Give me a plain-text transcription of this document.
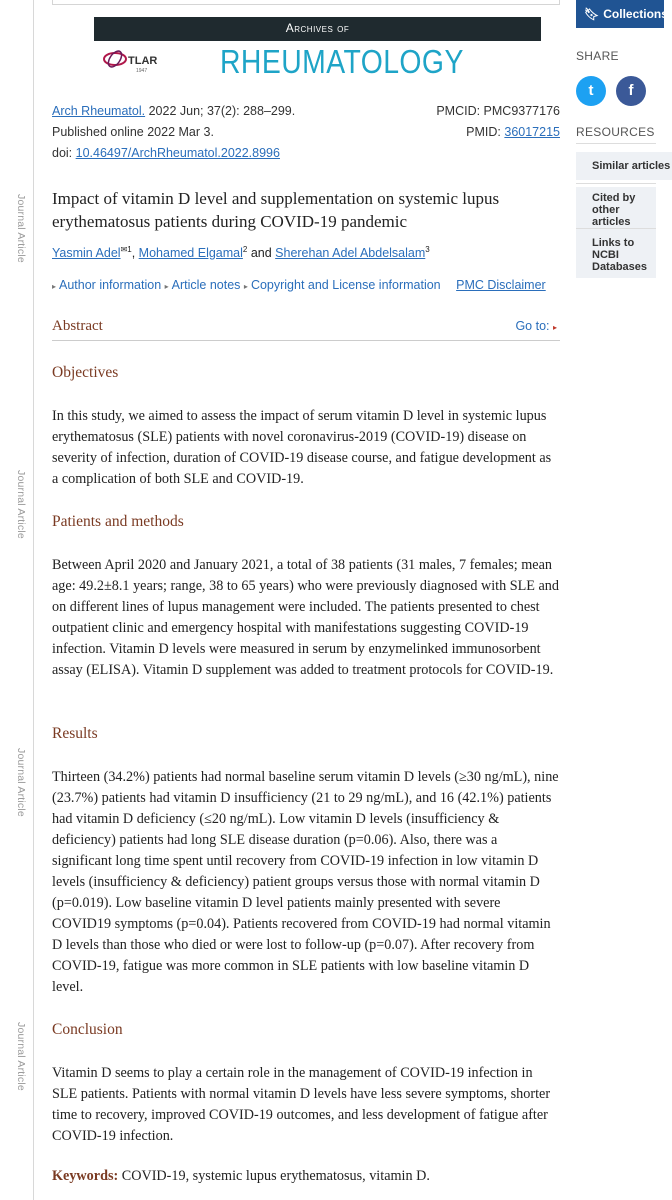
Journal Article
Journal Article
Journal Article
Journal Article
Archives of
TLAR
1947 RHEUMATOLOGY
Arch Rheumatol. 2022 Jun; 37(2): 288–299.
Published online 2022 Mar 3.
doi: 10.46497/ArchRheumatol.2022.8996
PMCID: PMC9377176
PMID: 36017215
Impact of vitamin D level and supplementation on systemic lupus erythematosus patients during COVID-19 pandemic
Yasmin Adel$^{✉1}$, Mohamed Elgamal$^2$ and Sherehan Adel Abdelsalam$^3$
▸ Author information ▸ Article notes ▸ Copyright and License information PMC Disclaimer
Abstract	Go to: ▸
Objectives
In this study, we aimed to assess the impact of serum vitamin D level in systemic lupus erythematosus (SLE) patients with novel coronavirus-2019 (COVID-19) disease on severity of infection, duration of COVID-19 disease course, and fatigue development as a complication of both SLE and COVID-19.
Patients and methods
Between April 2020 and January 2021, a total of 38 patients (31 males, 7 females; mean age: 49.2±8.1 years; range, 38 to 65 years) who were previously diagnosed with SLE and on different lines of lupus management were included. The patients presented to chest outpatient clinic and emergency hospital with manifestations suggesting COVID-19 infection. Vitamin D levels were measured in serum by enzymelinked immunosorbent assay (ELISA). Vitamin D supplement was added to treatment protocols for COVID-19.
Results
Thirteen (34.2%) patients had normal baseline serum vitamin D levels (≥30 ng/mL), nine (23.7%) patients had vitamin D insufficiency (21 to 29 ng/mL), and 16 (42.1%) patients had vitamin D deficiency (≤20 ng/mL). Low vitamin D levels (insufficiency & deficiency) patients had long SLE disease duration (p=0.06). Also, there was a significant long time spent until recovery from COVID-19 infection in low vitamin D levels (insufficiency & deficiency) patient groups versus those with normal vitamin D (p=0.019). Low baseline vitamin D level patients mainly presented with severe COVID19 symptoms (p=0.04). Patients recovered from COVID-19 had normal vitamin D levels than those who died or were lost to follow-up (p=0.07). After recovery from COVID-19, fatigue was more common in SLE patients with low baseline vitamin D level.
Conclusion
Vitamin D seems to play a certain role in the management of COVID-19 infection in SLE patients. Patients with normal vitamin D levels have less severe symptoms, shorter time to recovery, improved COVID-19 outcomes, and less development of fatigue after COVID-19 infection.
Keywords: COVID-19, systemic lupus erythematosus, vitamin D.
🔖︎ Collections
SHARE
t	f
RESOURCES
Similar articles
Cited by other articles
Links to NCBI Databases
